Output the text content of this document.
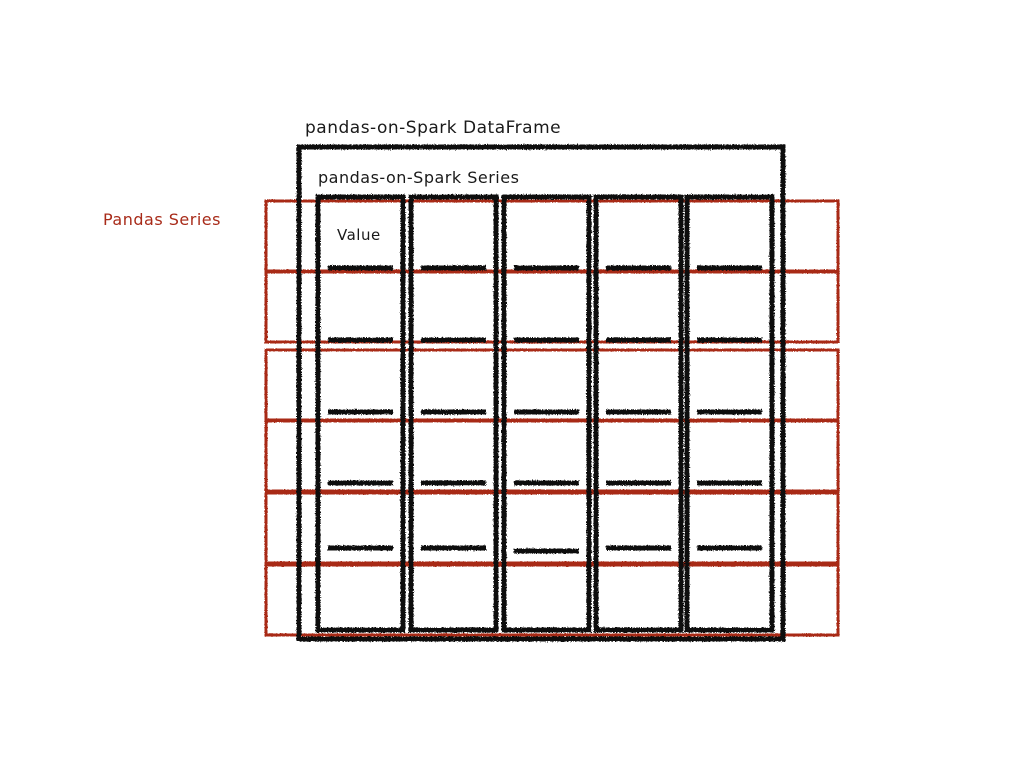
pandas-on-Spark DataFrame
pandas-on-Spark Series
Value
Pandas Series
